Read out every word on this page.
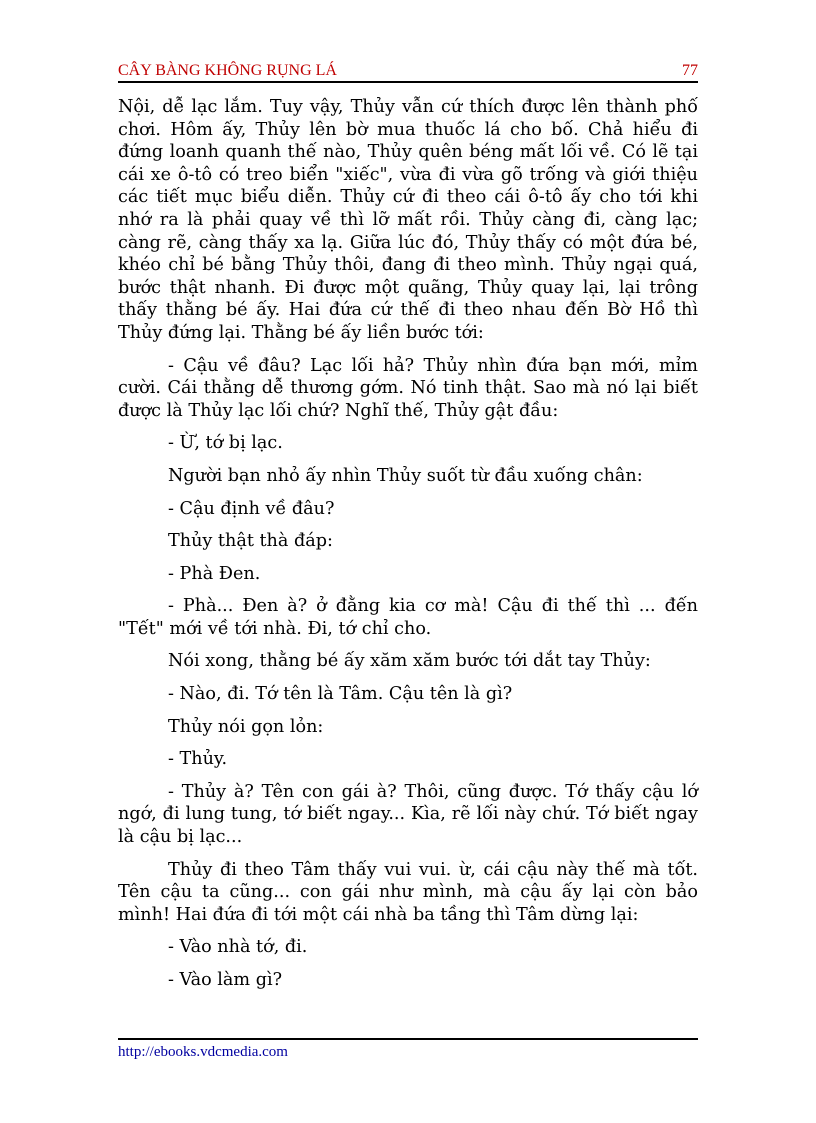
CÂY BÀNG KHÔNG RỤNG LÁ	77

Nội, dễ lạc lắm. Tuy vậy, Thủy vẫn cứ thích được lên thành phố chơi. Hôm ấy, Thủy lên bờ mua thuốc lá cho bố. Chả hiểu đi đứng loanh quanh thế nào, Thủy quên béng mất lối về. Có lẽ tại cái xe ô-tô có treo biển "xiếc", vừa đi vừa gõ trống và giới thiệu các tiết mục biểu diễn. Thủy cứ đi theo cái ô-tô ấy cho tới khi nhớ ra là phải quay về thì lỡ mất rồi. Thủy càng đi, càng lạc; càng rẽ, càng thấy xa lạ. Giữa lúc đó, Thủy thấy có một đứa bé, khéo chỉ bé bằng Thủy thôi, đang đi theo mình. Thủy ngại quá, bước thật nhanh. Đi được một quãng, Thủy quay lại, lại trông thấy thằng bé ấy. Hai đứa cứ thế đi theo nhau đến Bờ Hồ thì Thủy đứng lại. Thằng bé ấy liền bước tới:

- Cậu về đâu? Lạc lối hả? Thủy nhìn đứa bạn mới, mỉm cười. Cái thằng dễ thương gớm. Nó tinh thật. Sao mà nó lại biết được là Thủy lạc lối chứ? Nghĩ thế, Thủy gật đầu:

- Ừ, tớ bị lạc.

Người bạn nhỏ ấy nhìn Thủy suốt từ đầu xuống chân:

- Cậu định về đâu?

Thủy thật thà đáp:

- Phà Đen.

- Phà... Đen à? ở đằng kia cơ mà! Cậu đi thế thì ... đến "Tết" mới về tới nhà. Đi, tớ chỉ cho.

Nói xong, thằng bé ấy xăm xăm bước tới dắt tay Thủy:

- Nào, đi. Tớ tên là Tâm. Cậu tên là gì?

Thủy nói gọn lỏn:

- Thủy.

- Thủy à? Tên con gái à? Thôi, cũng được. Tớ thấy cậu lớ ngớ, đi lung tung, tớ biết ngay... Kìa, rẽ lối này chứ. Tớ biết ngay là cậu bị lạc...

Thủy đi theo Tâm thấy vui vui. ừ, cái cậu này thế mà tốt. Tên cậu ta cũng... con gái như mình, mà cậu ấy lại còn bảo mình! Hai đứa đi tới một cái nhà ba tầng thì Tâm dừng lại:

- Vào nhà tớ, đi.

- Vào làm gì?

http://ebooks.vdcmedia.com
